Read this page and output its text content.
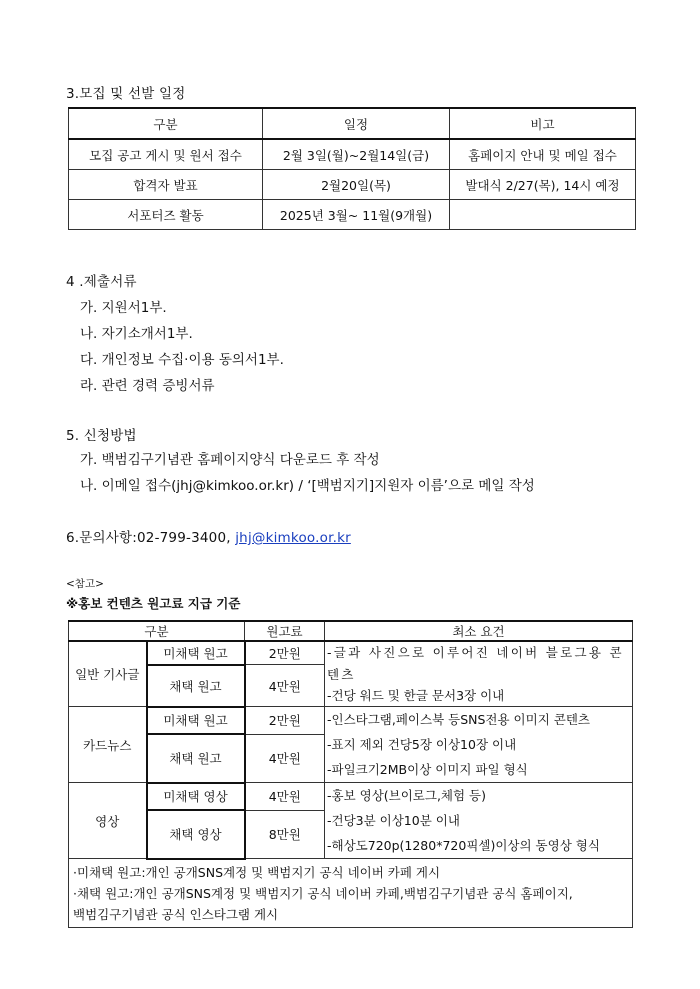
3.모집 및 선발 일정
구분	일정	비고
모집 공고 게시 및 원서 접수	2월 3일(월)~2월14일(금)	홈페이지 안내 및 메일 접수
합격자 발표	2월20일(목)	발대식 2/27(목), 14시 예정
서포터즈 활동	2025년 3월~ 11월(9개월)	
4 .제출서류
가. 지원서1부.
나. 자기소개서1부.
다. 개인정보 수집·이용 동의서1부.
라. 관련 경력 증빙서류
5. 신청방법
가. 백범김구기념관 홈페이지양식 다운로드 후 작성
나. 이메일 접수(jhj@kimkoo.or.kr) / ‘[백범지기]지원자 이름’으로 메일 작성
6.문의사항:02-799-3400, jhj@kimkoo.or.kr
<참고>
※홍보 컨텐츠 원고료 지급 기준
구분		원고료	최소 요건
일반 기사글	미채택 원고	2만원	-글과 사진으로 이루어진 네이버 블로그용 콘텐츠
-건당 워드 및 한글 문서3장 이내

	채택 원고	4만원	
카드뉴스	미채택 원고	2만원	-인스타그램,페이스북 등SNS전용 이미지 콘텐츠
-표지 제외 건당5장 이상10장 이내
-파일크기2MB이상 이미지 파일 형식

	채택 원고	4만원	
영상	미채택 영상	4만원	-홍보 영상(브이로그,체험 등)
-건당3분 이상10분 이내
-해상도720p(1280*720픽셀)이상의 동영상 형식

	채택 영상	8만원	

·미채택 원고:개인 공개SNS계정 및 백범지기 공식 네이버 카페 게시
·채택 원고:개인 공개SNS계정 및 백범지기 공식 네이버 카페,백범김구기념관 공식 홈페이지,백범김구기념관 공식 인스타그램 게시			
